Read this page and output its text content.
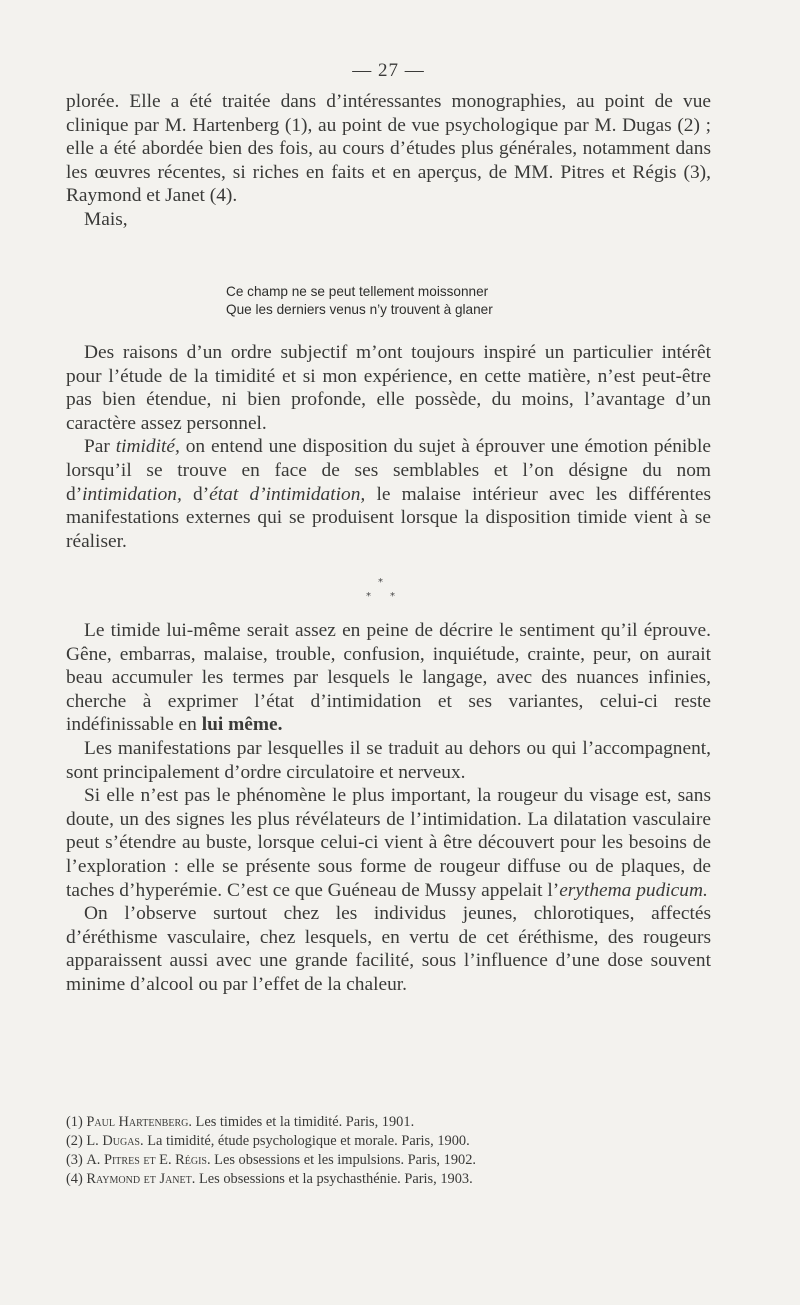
— 27 —

plorée. Elle a été traitée dans d’intéressantes monographies, au point de vue clinique par M. Hartenberg (1), au point de vue psychologique par M. Dugas (2) ; elle a été abordée bien des fois, au cours d’études plus générales, notamment dans les œuvres récentes, si riches en faits et en aperçus, de MM. Pitres et Régis (3), Raymond et Janet (4).

Mais,

Ce champ ne se peut tellement moissonner
Que les derniers venus n’y trouvent à glaner

Des raisons d’un ordre subjectif m’ont toujours inspiré un particulier intérêt pour l’étude de la timidité et si mon expérience, en cette matière, n’est peut-être pas bien étendue, ni bien profonde, elle possède, du moins, l’avantage d’un caractère assez personnel.

Par timidité, on entend une disposition du sujet à éprouver une émotion pénible lorsqu’il se trouve en face de ses semblables et l’on désigne du nom d’intimidation, d’état d’intimidation, le malaise intérieur avec les différentes manifestations externes qui se produisent lorsque la disposition timide vient à se réaliser.

*
* *

Le timide lui-même serait assez en peine de décrire le sentiment qu’il éprouve. Gêne, embarras, malaise, trouble, confusion, inquiétude, crainte, peur, on aurait beau accumuler les termes par lesquels le langage, avec des nuances infinies, cherche à exprimer l’état d’intimidation et ses variantes, celui-ci reste indéfinissable en lui même.

Les manifestations par lesquelles il se traduit au dehors ou qui l’accompagnent, sont principalement d’ordre circulatoire et nerveux.

Si elle n’est pas le phénomène le plus important, la rougeur du visage est, sans doute, un des signes les plus révélateurs de l’intimidation. La dilatation vasculaire peut s’étendre au buste, lorsque celui-ci vient à être découvert pour les besoins de l’exploration : elle se présente sous forme de rougeur diffuse ou de plaques, de taches d’hyperémie. C’est ce que Guéneau de Mussy appelait l’erythema pudicum.

On l’observe surtout chez les individus jeunes, chlorotiques, affectés d’éréthisme vasculaire, chez lesquels, en vertu de cet éréthisme, des rougeurs apparaissent aussi avec une grande facilité, sous l’influence d’une dose souvent minime d’alcool ou par l’effet de la chaleur.

(1) Paul Hartenberg. Les timides et la timidité. Paris, 1901.
(2) L. Dugas. La timidité, étude psychologique et morale. Paris, 1900.
(3) A. Pitres et E. Régis. Les obsessions et les impulsions. Paris, 1902.
(4) Raymond et Janet. Les obsessions et la psychasthénie. Paris, 1903.
